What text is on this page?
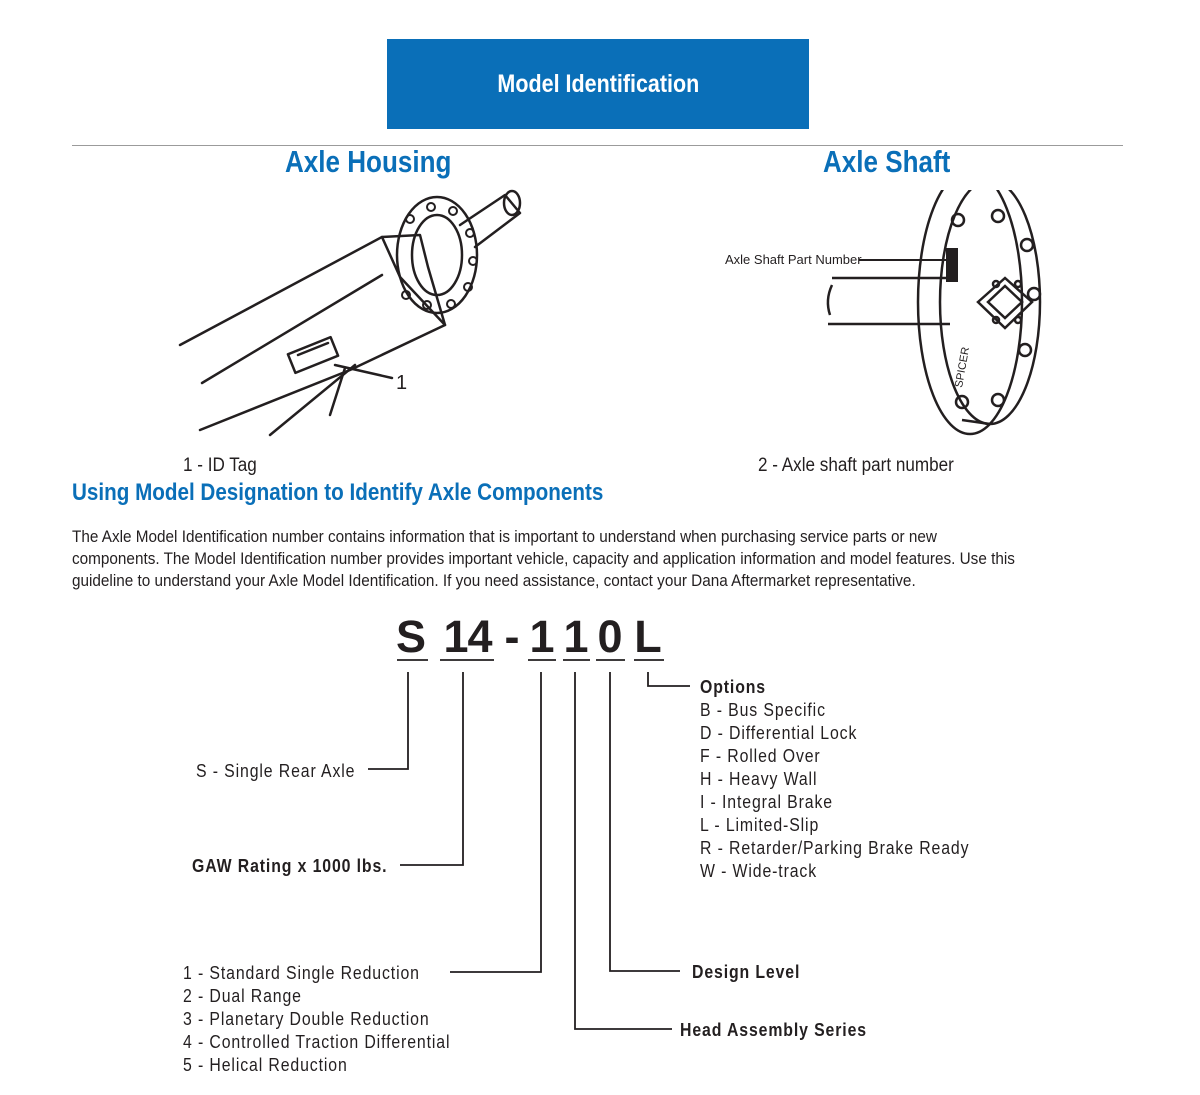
Model Identification
Axle Housing	Axle Shaft
1
1 - ID Tag
Axle Shaft Part Number
SPICER
2 - Axle shaft part number
Using Model Designation to Identify Axle Components
The Axle Model Identification number contains information that is important to understand when purchasing service parts or new
components. The Model Identification number provides important vehicle, capacity and application information and model features. Use this
guideline to understand your Axle Model Identification. If you need assistance, contact your Dana Aftermarket representative.
S 1
4 - 1 1 0 L
S - Single Rear Axle
GAW Rating x 1000 lbs.
1 - Standard Single Reduction
2 - Dual Range
3 - Planetary Double Reduction
4 - Controlled Traction Differential
5 - Helical Reduction
Head Assembly Series
Design Level
Options
B - Bus Specific
D - Differential Lock
F - Rolled Over
H - Heavy Wall
I - Integral Brake
L - Limited-Slip
R - Retarder/Parking Brake Ready
W - Wide-track
